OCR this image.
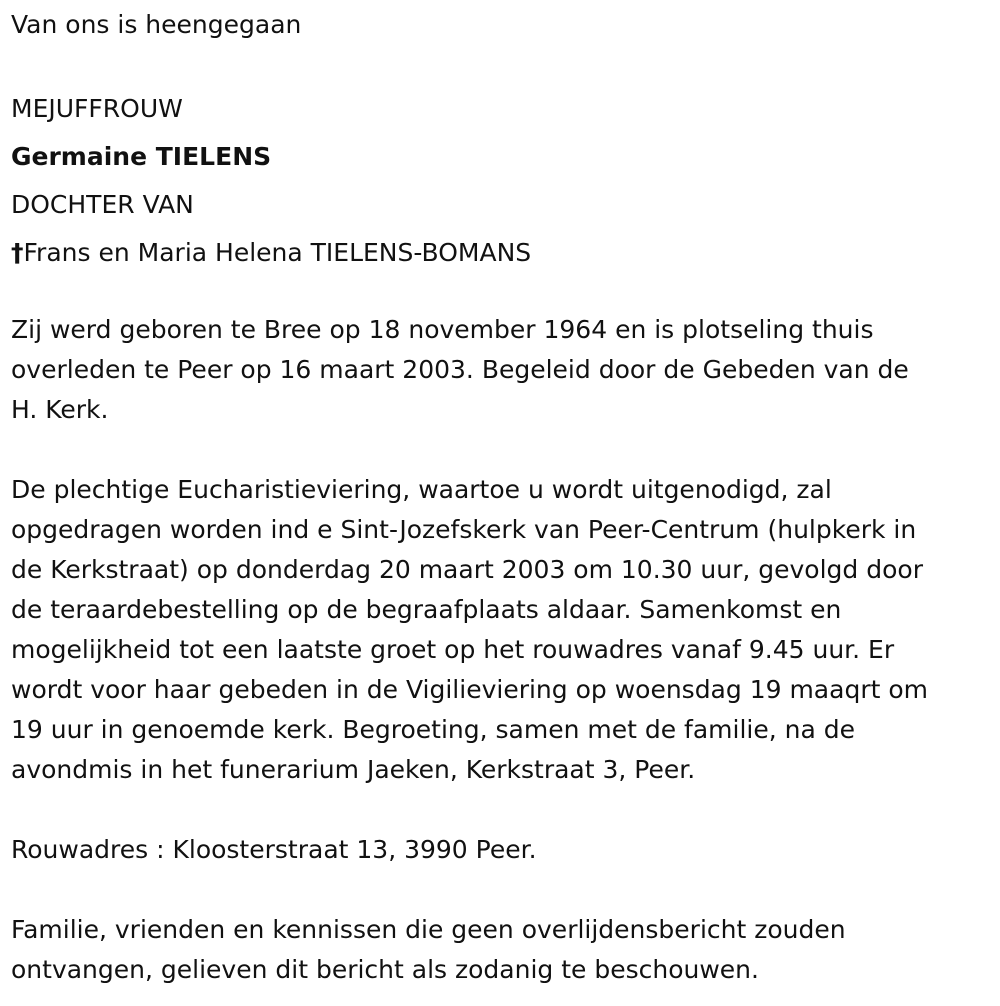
Van ons is heengegaan
MEJUFFROUW
Germaine TIELENS
DOCHTER VAN
†Frans en Maria Helena TIELENS-BOMANS
Zij werd geboren te Bree op 18 november 1964 en is plotseling thuis
overleden te Peer op 16 maart 2003. Begeleid door de Gebeden van de
H. Kerk.
De plechtige Eucharistieviering, waartoe u wordt uitgenodigd, zal
opgedragen worden ind e Sint-Jozefskerk van Peer-Centrum (hulpkerk in
de Kerkstraat) op donderdag 20 maart 2003 om 10.30 uur, gevolgd door
de teraardebestelling op de begraafplaats aldaar. Samenkomst en
mogelijkheid tot een laatste groet op het rouwadres vanaf 9.45 uur. Er
wordt voor haar gebeden in de Vigilieviering op woensdag 19 maaqrt om
19 uur in genoemde kerk. Begroeting, samen met de familie, na de
avondmis in het funerarium Jaeken, Kerkstraat 3, Peer.
Rouwadres : Kloosterstraat 13, 3990 Peer.
Familie, vrienden en kennissen die geen overlijdensbericht zouden
ontvangen, gelieven dit bericht als zodanig te beschouwen.
